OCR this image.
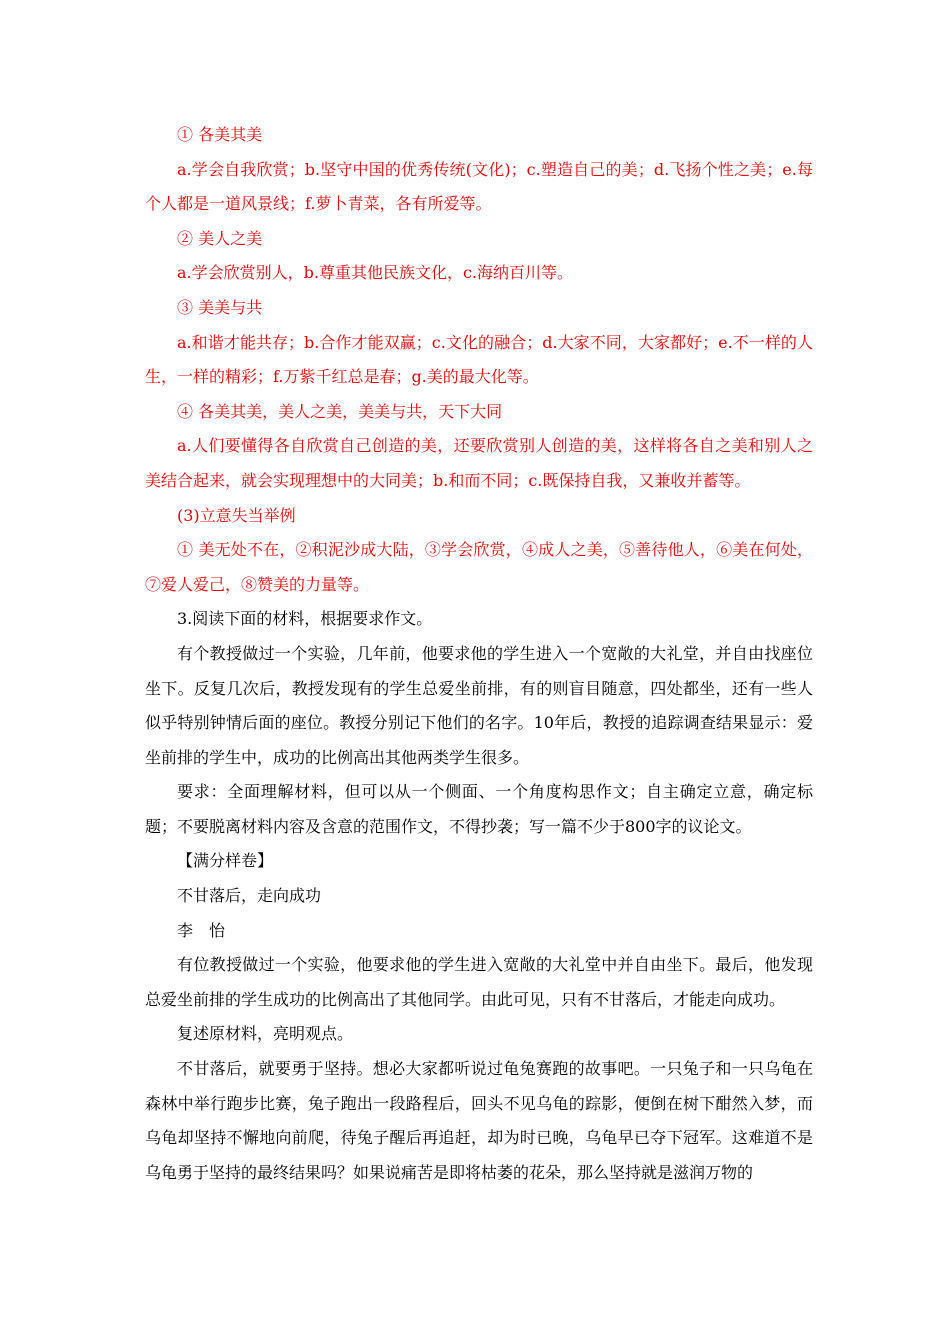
① 各美其美

a.学会自我欣赏；b.坚守中国的优秀传统(文化)；c.塑造自己的美；d.飞扬个性之美；e.每个人都是一道风景线；f.萝卜青菜，各有所爱等。

② 美人之美

a.学会欣赏别人，b.尊重其他民族文化，c.海纳百川等。

③ 美美与共

a.和谐才能共存；b.合作才能双赢；c.文化的融合；d.大家不同，大家都好；e.不一样的人生，一样的精彩；f.万紫千红总是春；g.美的最大化等。

④ 各美其美，美人之美，美美与共，天下大同

a.人们要懂得各自欣赏自己创造的美，还要欣赏别人创造的美，这样将各自之美和别人之美结合起来，就会实现理想中的大同美；b.和而不同；c.既保持自我，又兼收并蓄等。

(3)立意失当举例

① 美无处不在，②积泥沙成大陆，③学会欣赏，④成人之美，⑤善待他人，⑥美在何处，⑦爱人爱己，⑧赞美的力量等。

3.阅读下面的材料，根据要求作文。

有个教授做过一个实验，几年前，他要求他的学生进入一个宽敞的大礼堂，并自由找座位坐下。反复几次后，教授发现有的学生总爱坐前排，有的则盲目随意，四处都坐，还有一些人似乎特别钟情后面的座位。教授分别记下他们的名字。10年后，教授的追踪调查结果显示：爱坐前排的学生中，成功的比例高出其他两类学生很多。

要求：全面理解材料，但可以从一个侧面、一个角度构思作文；自主确定立意，确定标题；不要脱离材料内容及含意的范围作文，不得抄袭；写一篇不少于800字的议论文。

【满分样卷】

不甘落后，走向成功

李　怡

有位教授做过一个实验，他要求他的学生进入宽敞的大礼堂中并自由坐下。最后，他发现总爱坐前排的学生成功的比例高出了其他同学。由此可见，只有不甘落后，才能走向成功。

复述原材料，亮明观点。

不甘落后，就要勇于坚持。想必大家都听说过龟兔赛跑的故事吧。一只兔子和一只乌龟在森林中举行跑步比赛，兔子跑出一段路程后，回头不见乌龟的踪影，便倒在树下酣然入梦，而乌龟却坚持不懈地向前爬，待兔子醒后再追赶，却为时已晚，乌龟早已夺下冠军。这难道不是乌龟勇于坚持的最终结果吗？如果说痛苦是即将枯萎的花朵，那么坚持就是滋润万物的
